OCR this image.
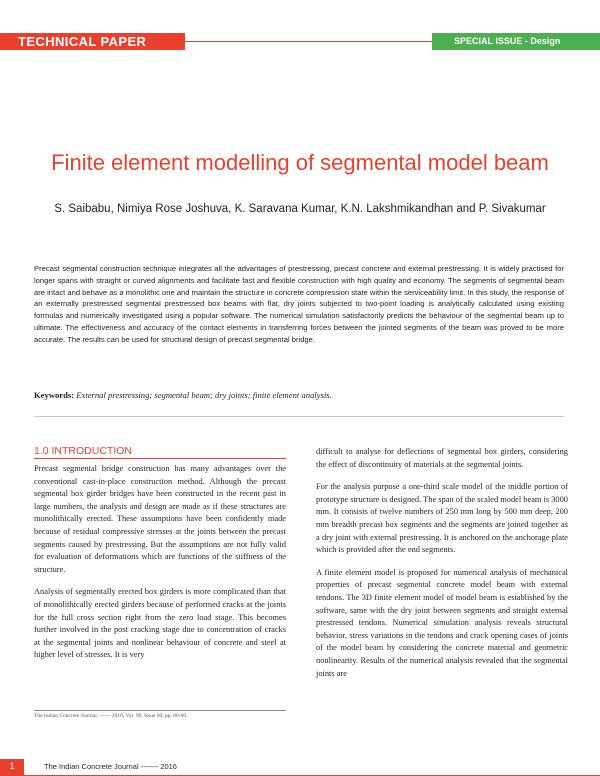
TECHNICAL PAPER	SPECIAL ISSUE - Design
Finite element modelling of segmental model beam
S. Saibabu, Nimiya Rose Joshuva, K. Saravana Kumar, K.N. Lakshmikandhan and P. Sivakumar
Precast segmental construction technique integrates all the advantages of prestressing, precast concrete and external prestressing. It is widely practised for longer spans with straight or curved alignments and facilitate fast and flexible construction with high quality and economy. The segments of segmental beam are intact and behave as a monolithic one and maintain the structure in concrete compression state within the serviceability limit. In this study, the response of an externally prestressed segmental prestressed box beams with flat, dry joints subjected to two-point loading is analytically calculated using existing formulas and numerically investigated using a popular software. The numerical simulation satisfactorily predicts the behaviour of the segmental beam up to ultimate. The effectiveness and accuracy of the contact elements in transferring forces between the jointed segments of the beam was proved to be more accurate. The results can be used for structural design of precast segmental bridge.
Keywords: External prestressing; segmental beam; dry joints; finite element analysis.
1.0 INTRODUCTION

Precast segmental bridge construction has many advantages over the conventional cast-in-place construction method. Although the precast segmental box girder bridges have been constructed in the recent past in large numbers, the analysis and design are made as if these structures are monolithically erected. These assumptions have been confidently made because of residual compressive stresses at the joints between the precast segments caused by prestressing. But the assumptions are not fully valid for evaluation of deformations which are functions of the stiffness of the structure.

Analysis of segmentally erected box girders is more complicated than that of monolithically erected girders because of performed cracks at the joints for the full cross section right from the zero load stage. This becomes further involved in the post cracking stage due to concentration of cracks at the segmental joints and nonlinear behaviour of concrete and steel at higher level of stresses. It is very

difficult to analyse for deflections of segmental box girders, considering the effect of discontinuity of materials at the segmental joints.

For the analysis purpose a one-third scale model of the middle portion of prototype structure is designed. The span of the scaled model beam is 3000 mm. It consists of twelve numbers of 250 mm long by 500 mm deep, 200 mm breadth precast box segments and the segments are joined together as a dry joint with external prestressing. It is anchored on the anchorage plate which is provided after the end segments.

A finite element model is proposed for numerical analysis of mechanical properties of precast segmental concrete model beam with external tendons. The 3D finite element model of model beam is established by the software, same with the dry joint between segments and straight external prestressed tendons. Numerical simulation analysis reveals structural behavior, stress variations in the tendons and crack opening cases of joints of the model beam by considering the concrete material and geometric nonlinearity. Results of the numerical analysis revealed that the segmental joints are

The Indian Concrete Journal, ------ 2016, Vol. 90, Issue 00, pp. 00-00.
1	The Indian Concrete Journal ------- 2016
